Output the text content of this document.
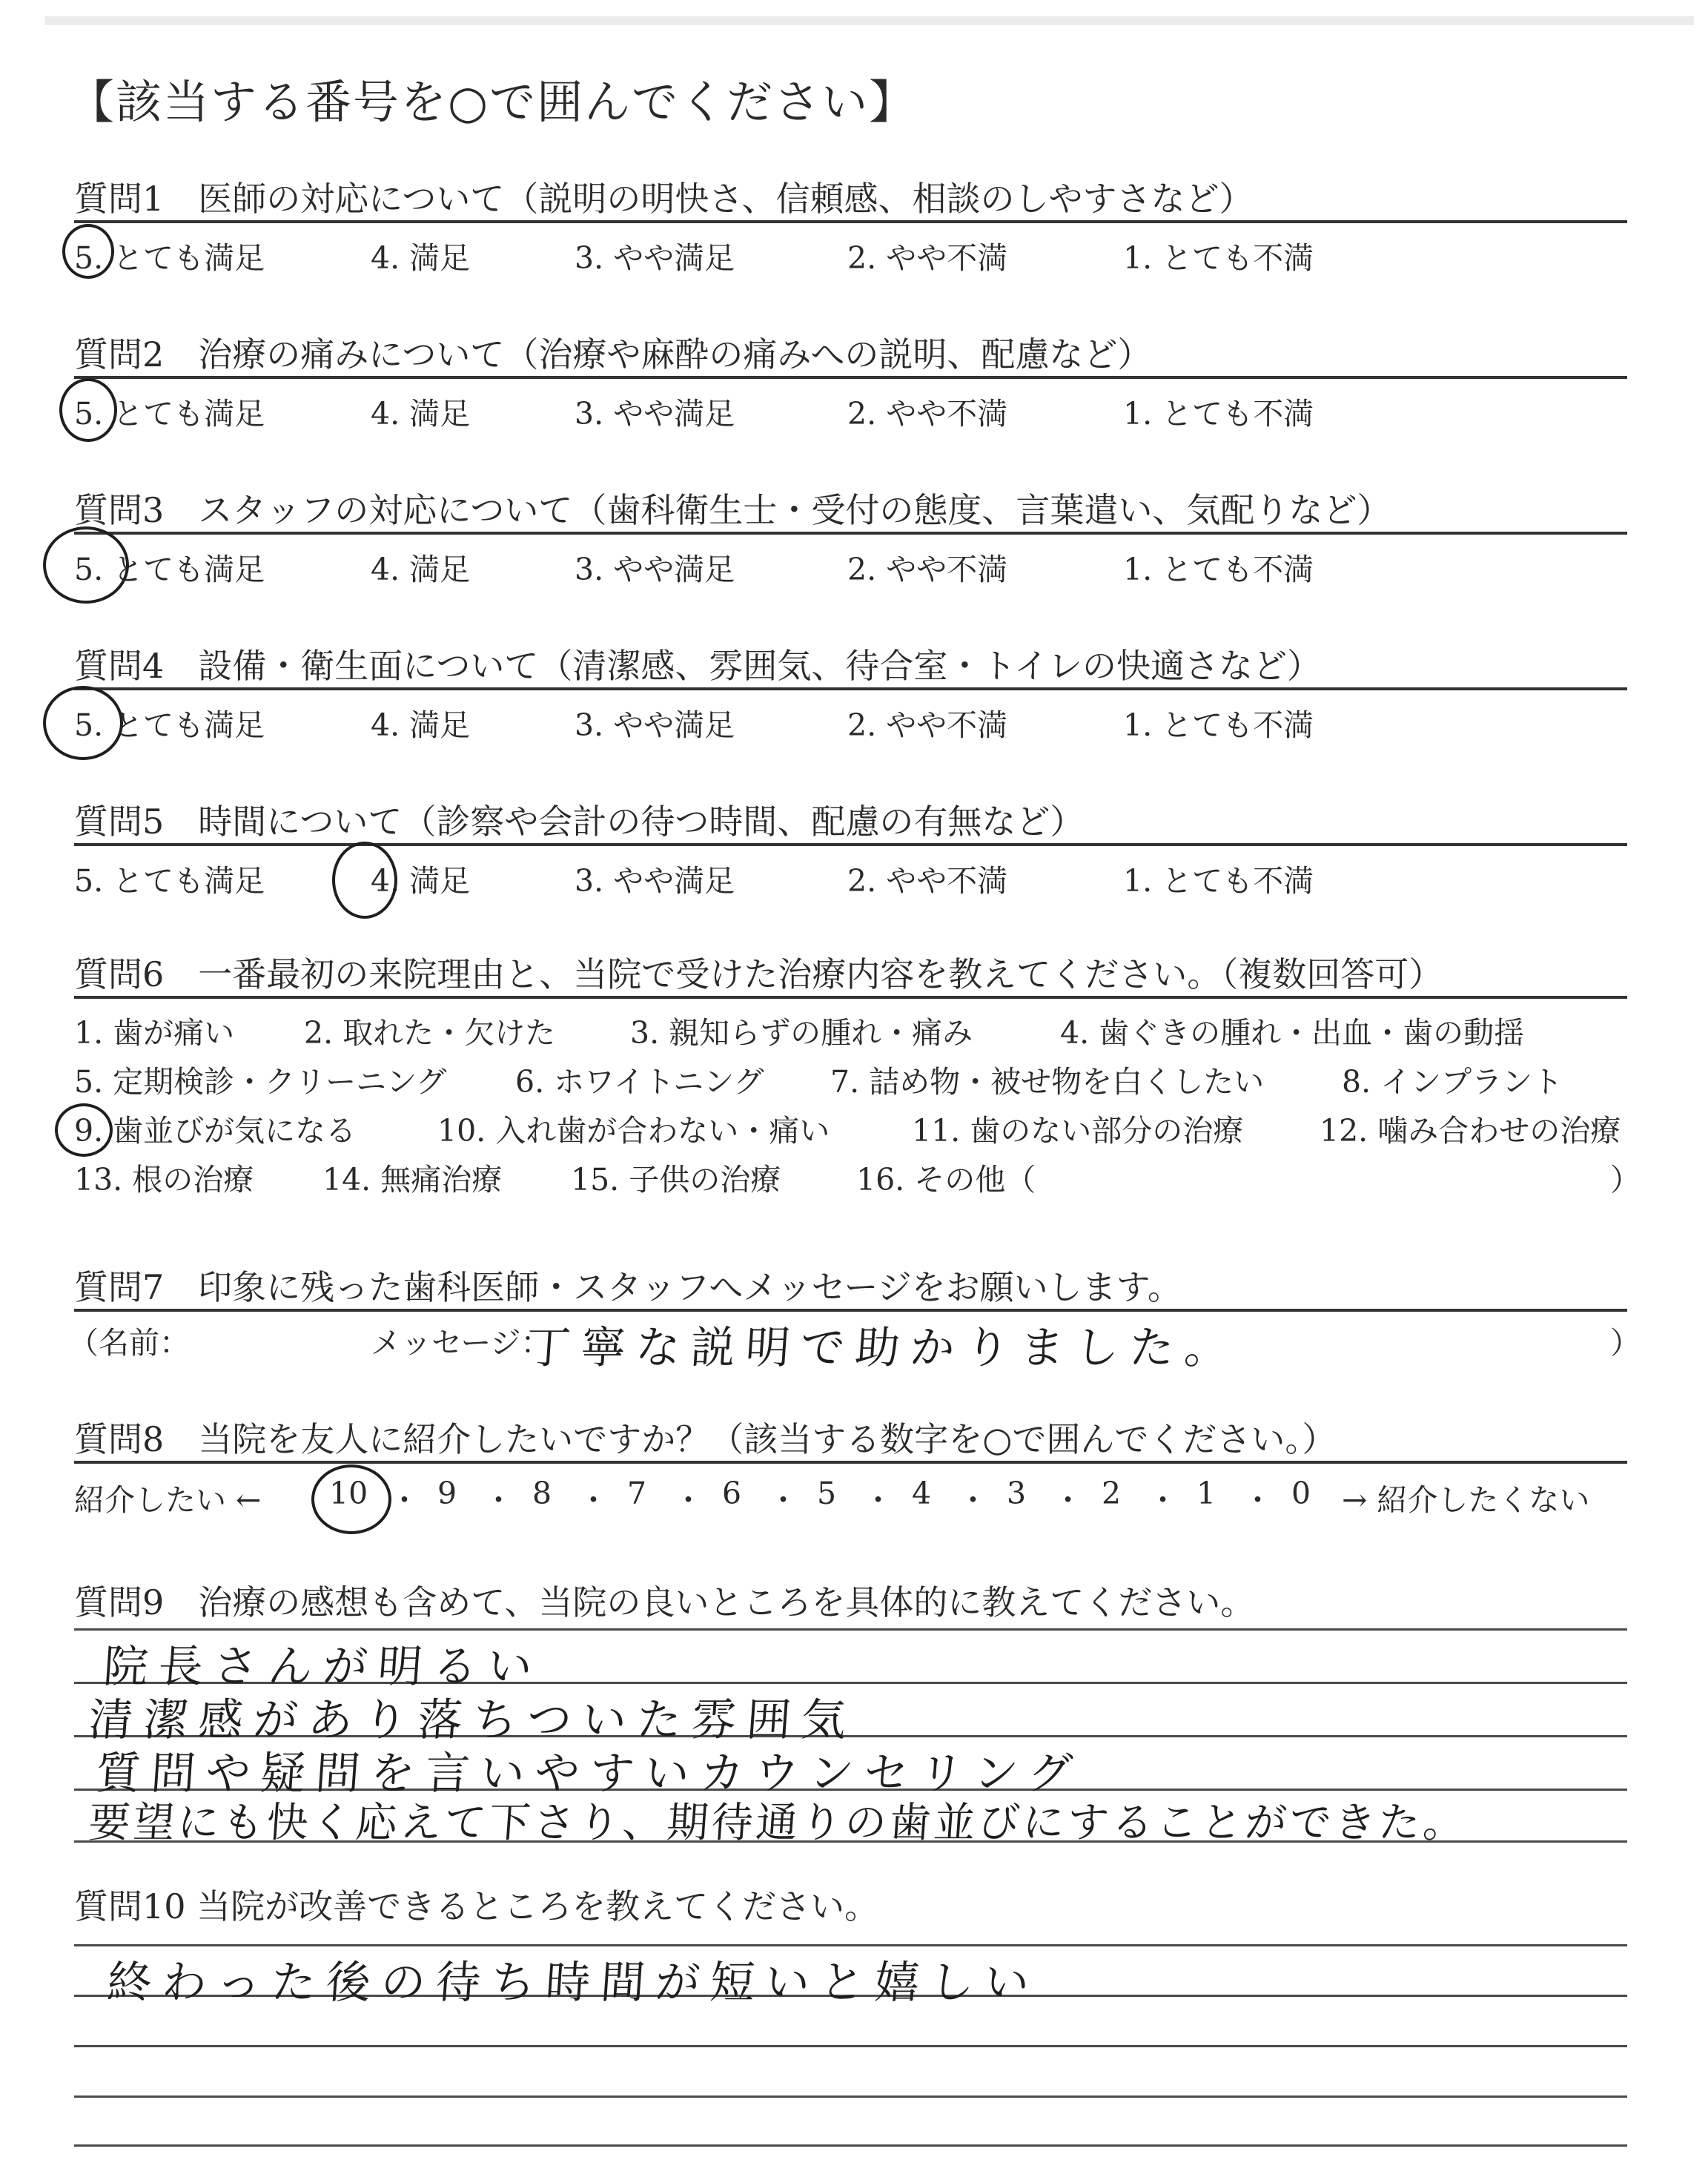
【該当する番号を○で囲んでください】
質問1　医師の対応について（説明の明快さ、信頼感、相談のしやすさなど）
5. とても満足	4. 満足	3. やや満足	2. やや不満	1. とても不満
質問2　治療の痛みについて（治療や麻酔の痛みへの説明、配慮など）
5. とても満足	4. 満足	3. やや満足	2. やや不満	1. とても不満
質問3　スタッフの対応について（歯科衛生士・受付の態度、言葉遣い、気配りなど）
5. とても満足	4. 満足	3. やや満足	2. やや不満	1. とても不満
質問4　設備・衛生面について（清潔感、雰囲気、待合室・トイレの快適さなど）
5. とても満足	4. 満足	3. やや満足	2. やや不満	1. とても不満
質問5　時間について（診察や会計の待つ時間、配慮の有無など）
5. とても満足	4. 満足	3. やや満足	2. やや不満	1. とても不満
質問6　一番最初の来院理由と、当院で受けた治療内容を教えてください。（複数回答可）
1. 歯が痛い 2. 取れた・欠けた 3. 親知らずの腫れ・痛み	4. 歯ぐきの腫れ・出血・歯の動揺
5. 定期検診・クリーニング 6. ホワイトニング 7. 詰め物・被せ物を白くしたい	8. インプラント
9. 歯並びが気になる	10. 入れ歯が合わない・痛い	11. 歯のない部分の治療	12. 噛み合わせの治療
13. 根の治療 14. 無痛治療 15. 子供の治療 16. その他（	）
質問7　印象に残った歯科医師・スタッフへメッセージをお願いします。
（名前：	メッセージ：
丁寧な説明で助かりました。	）
質問8　当院を友人に紹介したいですか？（該当する数字を○で囲んでください。）
紹介したい ← 10 ・ 9 ・ 8 ・ 7 ・ 6 ・ 5 ・ 4 ・ 3 ・ 2 ・ 1 ・ 0 → 紹介したくない
質問9　治療の感想も含めて、当院の良いところを具体的に教えてください。
院長さんが明るい
清潔感があり落ちついた雰囲気
質問や疑問を言いやすいカウンセリング
要望にも快く応えて下さり、期待通りの歯並びにすることができた。
質問10 当院が改善できるところを教えてください。
終わった後の待ち時間が短いと嬉しい
